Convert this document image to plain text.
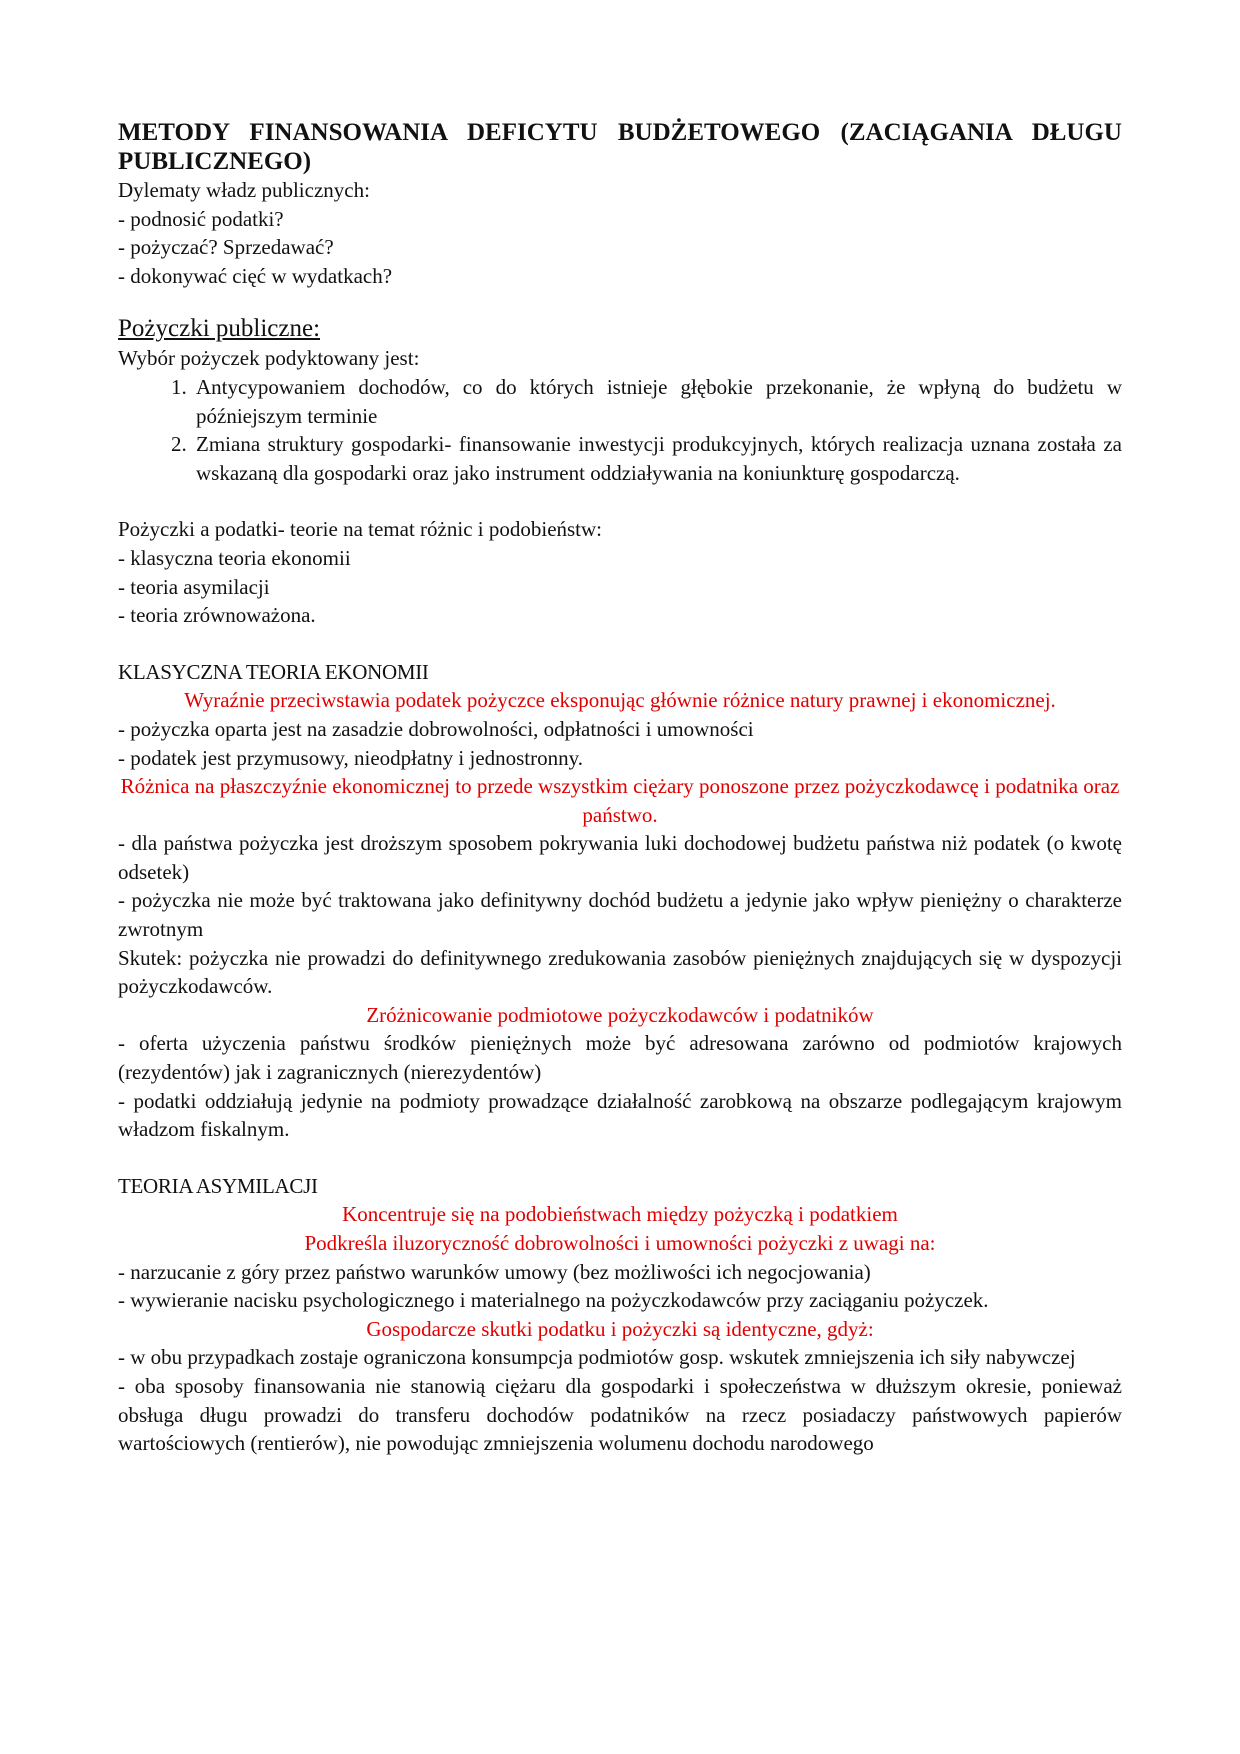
METODY FINANSOWANIA DEFICYTU BUDŻETOWEGO (ZACIĄGANIA DŁUGU PUBLICZNEGO)

Dylematy władz publicznych:

- podnosić podatki?

- pożyczać? Sprzedawać?

- dokonywać cięć w wydatkach?

Pożyczki publiczne:

Wybór pożyczek podyktowany jest:

1. Antycypowaniem dochodów, co do których istnieje głębokie przekonanie, że wpłyną do budżetu w późniejszym terminie
2. Zmiana struktury gospodarki- finansowanie inwestycji produkcyjnych, których realizacja uznana została za wskazaną dla gospodarki oraz jako instrument oddziaływania na koniunkturę gospodarczą.

Pożyczki a podatki- teorie na temat różnic i podobieństw:

- klasyczna teoria ekonomii

- teoria asymilacji

- teoria zrównoważona.

KLASYCZNA TEORIA EKONOMII

Wyraźnie przeciwstawia podatek pożyczce eksponując głównie różnice natury prawnej i ekonomicznej.

- pożyczka oparta jest na zasadzie dobrowolności, odpłatności i umowności

- podatek jest przymusowy, nieodpłatny i jednostronny.

Różnica na płaszczyźnie ekonomicznej to przede wszystkim ciężary ponoszone przez pożyczkodawcę i podatnika oraz państwo.

- dla państwa pożyczka jest droższym sposobem pokrywania luki dochodowej budżetu państwa niż podatek (o kwotę odsetek)

- pożyczka nie może być traktowana jako definitywny dochód budżetu a jedynie jako wpływ pieniężny o charakterze zwrotnym

Skutek: pożyczka nie prowadzi do definitywnego zredukowania zasobów pieniężnych znajdujących się w dyspozycji pożyczkodawców.

Zróżnicowanie podmiotowe pożyczkodawców i podatników

- oferta użyczenia państwu środków pieniężnych może być adresowana zarówno od podmiotów krajowych (rezydentów) jak i zagranicznych (nierezydentów)

- podatki oddziałują jedynie na podmioty prowadzące działalność zarobkową na obszarze podlegającym krajowym władzom fiskalnym.

TEORIA ASYMILACJI

Koncentruje się na podobieństwach między pożyczką i podatkiem

Podkreśla iluzoryczność dobrowolności i umowności pożyczki z uwagi na:

- narzucanie z góry przez państwo warunków umowy (bez możliwości ich negocjowania)

- wywieranie nacisku psychologicznego i materialnego na pożyczkodawców przy zaciąganiu pożyczek.

Gospodarcze skutki podatku i pożyczki są identyczne, gdyż:

- w obu przypadkach zostaje ograniczona konsumpcja podmiotów gosp. wskutek zmniejszenia ich siły nabywczej

- oba sposoby finansowania nie stanowią ciężaru dla gospodarki i społeczeństwa w dłuższym okresie, ponieważ obsługa długu prowadzi do transferu dochodów podatników na rzecz posiadaczy państwowych papierów wartościowych (rentierów), nie powodując zmniejszenia wolumenu dochodu narodowego
